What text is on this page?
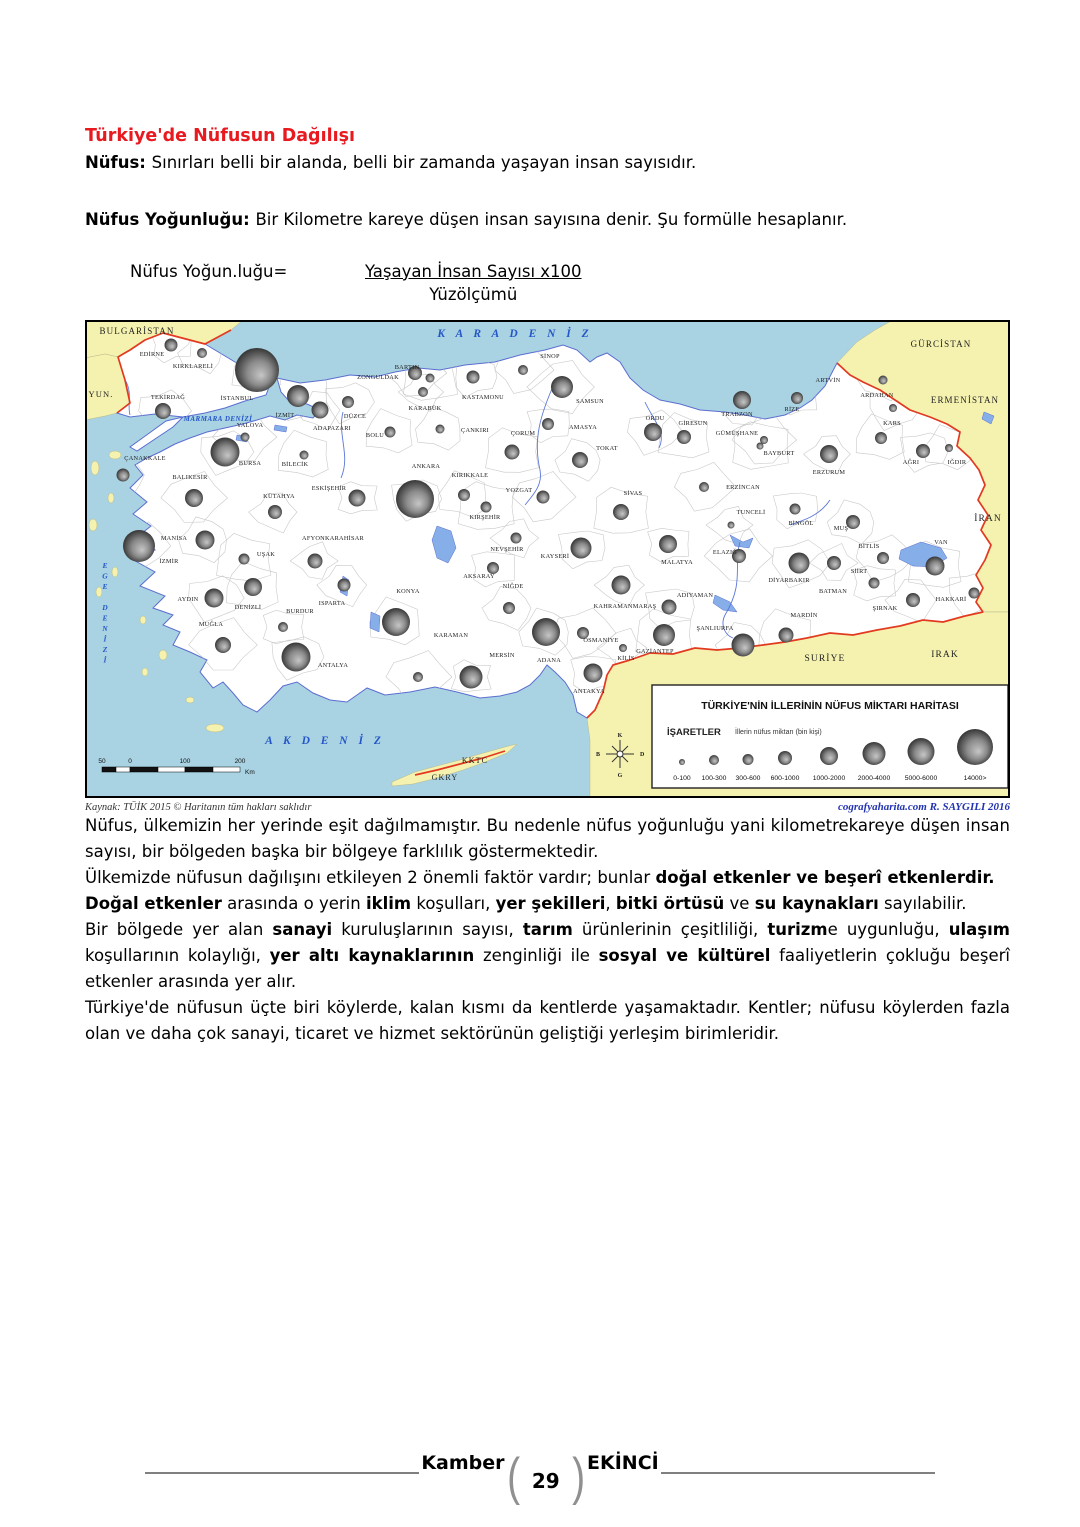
Türkiye'de Nüfusun Dağılışı
Nüfus: Sınırları belli bir alanda, belli bir zamanda yaşayan insan sayısıdır.
Nüfus Yoğunluğu: Bir Kilometre kareye düşen insan sayısına denir. Şu formülle hesaplanır.
Nüfus Yoğun.luğu=	$\frac{\text{Yaşayan İnsan Sayısı x100}}{\text{Yüzölçümü}}$
EDİRNE
KIRKLARELİ
TEKİRDAĞ	İSTANBUL
YALOVA
İZMİT
ADAPAZARI
DÜZCE
BOLU
ZONGULDAK
BARTIN
KARABÜK
KASTAMONU
ÇANKIRI
SİNOP
ÇORUM
SAMSUN
AMASYA
TOKAT
ORDU
GİRESUN
TRABZON
RİZE
ARTVİN
ARDAHAN
KARS
GÜMÜŞHANE
BAYBURT
ERZURUM
AĞRI	IĞDIR
ERZİNCAN
SİVAS
TUNCELİ
BİNGÖL
MUŞ
BİTLİS
VAN
ELAZIĞ
MALATYA
ÇANAKKALE
BURSA	BİLECİK
BALIKESİR
ESKİŞEHİR
KÜTAHYA
ANKARA
KIRIKKALE
YOZGAT
KIRŞEHİR
NEVŞEHİR
KAYSERİ
MANİSA
İZMİR
UŞAK
AFYONKARAHİSAR
AKSARAY
NİĞDE
AYDIN
DENİZLİ
MUĞLA
BURDUR
ISPARTA
ANTALYA
KONYA
KARAMAN
MERSİN
KAHRAMANMARAŞ
ADIYAMAN
ADANA
OSMANİYE
GAZİANTEP
KİLİS
ANTAKYA
ŞANLIURFA
DİYARBAKIR
MARDİN
BATMAN
SİİRT
ŞIRNAK
HAKKARİ
K A R A D E N İ Z
MARMARA DENİZİ
A K D E N İ Z
E G E D E N İ Z İ
BULGARİSTAN
YUN.
GÜRCİSTAN
ERMENİSTAN
İRAN
SURİYE	IRAK
KKTC
GKRY
TÜRKİYE'NİN İLLERİNİN NÜFUS MİKTARI HARİTASI
İŞARETLER İllerin nüfus miktarı (bin kişi)
0-100 100-300 300-600 600-1000 1000-2000 2000-4000 5000-6000	14000>
K
G
B	D
50	0	100	200
Km
Kaynak: TÜİK 2015 © Haritanın tüm hakları saklıdır	cografyaharita.com R. SAYGILI 2016

Nüfus, ülkemizin her yerinde eşit dağılmamıştır. Bu nedenle nüfus yoğunluğu yani kilometrekareye düşen insan sayısı, bir bölgeden başka bir bölgeye farklılık göstermektedir.

Ülkemizde nüfusun dağılışını etkileyen 2 önemli faktör vardır; bunlar doğal etkenler ve beşerî etkenlerdir.

Doğal etkenler arasında o yerin iklim koşulları, yer şekilleri, bitki örtüsü ve su kaynakları sayılabilir.

Bir bölgede yer alan sanayi kuruluşlarının sayısı, tarım ürünlerinin çeşitliliği, turizme uygunluğu, ulaşım koşullarının kolaylığı, yer altı kaynaklarının zenginliği ile sosyal ve kültürel faaliyetlerin çokluğu beşerî etkenler arasında yer alır.

Türkiye'de nüfusun üçte biri köylerde, kalan kısmı da kentlerde yaşamaktadır. Kentler; nüfusu köylerden fazla olan ve daha çok sanayi, ticaret ve hizmet sektörünün geliştiği yerleşim birimleridir.

Kamber ( 29 ) EKİNCİ
